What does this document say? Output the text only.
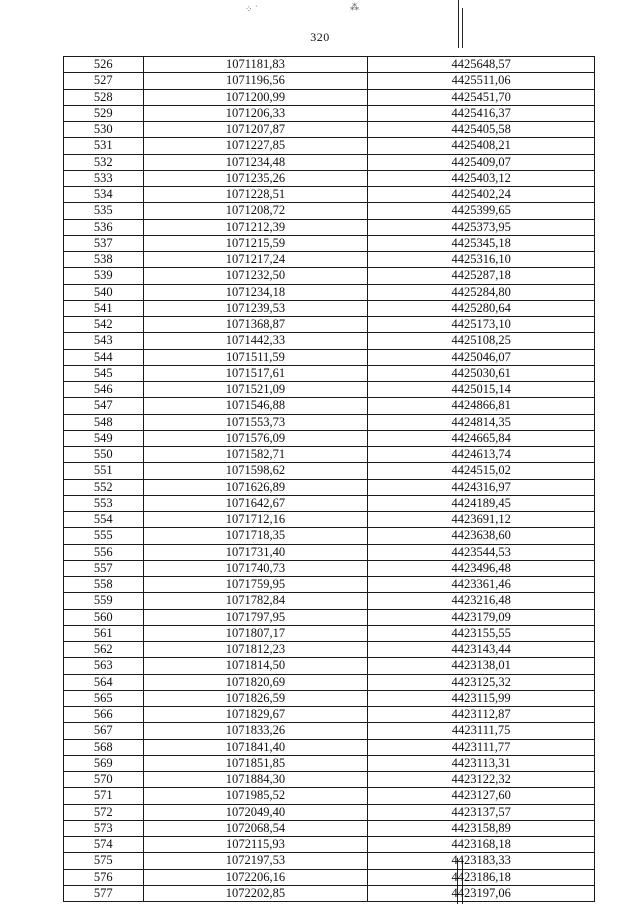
⁘ ˙	⁂
320
526	1071181,83	4425648,57
527	1071196,56	4425511,06
528	1071200,99	4425451,70
529	1071206,33	4425416,37
530	1071207,87	4425405,58
531	1071227,85	4425408,21
532	1071234,48	4425409,07
533	1071235,26	4425403,12
534	1071228,51	4425402,24
535	1071208,72	4425399,65
536	1071212,39	4425373,95
537	1071215,59	4425345,18
538	1071217,24	4425316,10
539	1071232,50	4425287,18
540	1071234,18	4425284,80
541	1071239,53	4425280,64
542	1071368,87	4425173,10
543	1071442,33	4425108,25
544	1071511,59	4425046,07
545	1071517,61	4425030,61
546	1071521,09	4425015,14
547	1071546,88	4424866,81
548	1071553,73	4424814,35
549	1071576,09	4424665,84
550	1071582,71	4424613,74
551	1071598,62	4424515,02
552	1071626,89	4424316,97
553	1071642,67	4424189,45
554	1071712,16	4423691,12
555	1071718,35	4423638,60
556	1071731,40	4423544,53
557	1071740,73	4423496,48
558	1071759,95	4423361,46
559	1071782,84	4423216,48
560	1071797,95	4423179,09
561	1071807,17	4423155,55
562	1071812,23	4423143,44
563	1071814,50	4423138,01
564	1071820,69	4423125,32
565	1071826,59	4423115,99
566	1071829,67	4423112,87
567	1071833,26	4423111,75
568	1071841,40	4423111,77
569	1071851,85	4423113,31
570	1071884,30	4423122,32
571	1071985,52	4423127,60
572	1072049,40	4423137,57
573	1072068,54	4423158,89
574	1072115,93	4423168,18
575	1072197,53	4423183,33
576	1072206,16	4423186,18
577	1072202,85	4423197,06
